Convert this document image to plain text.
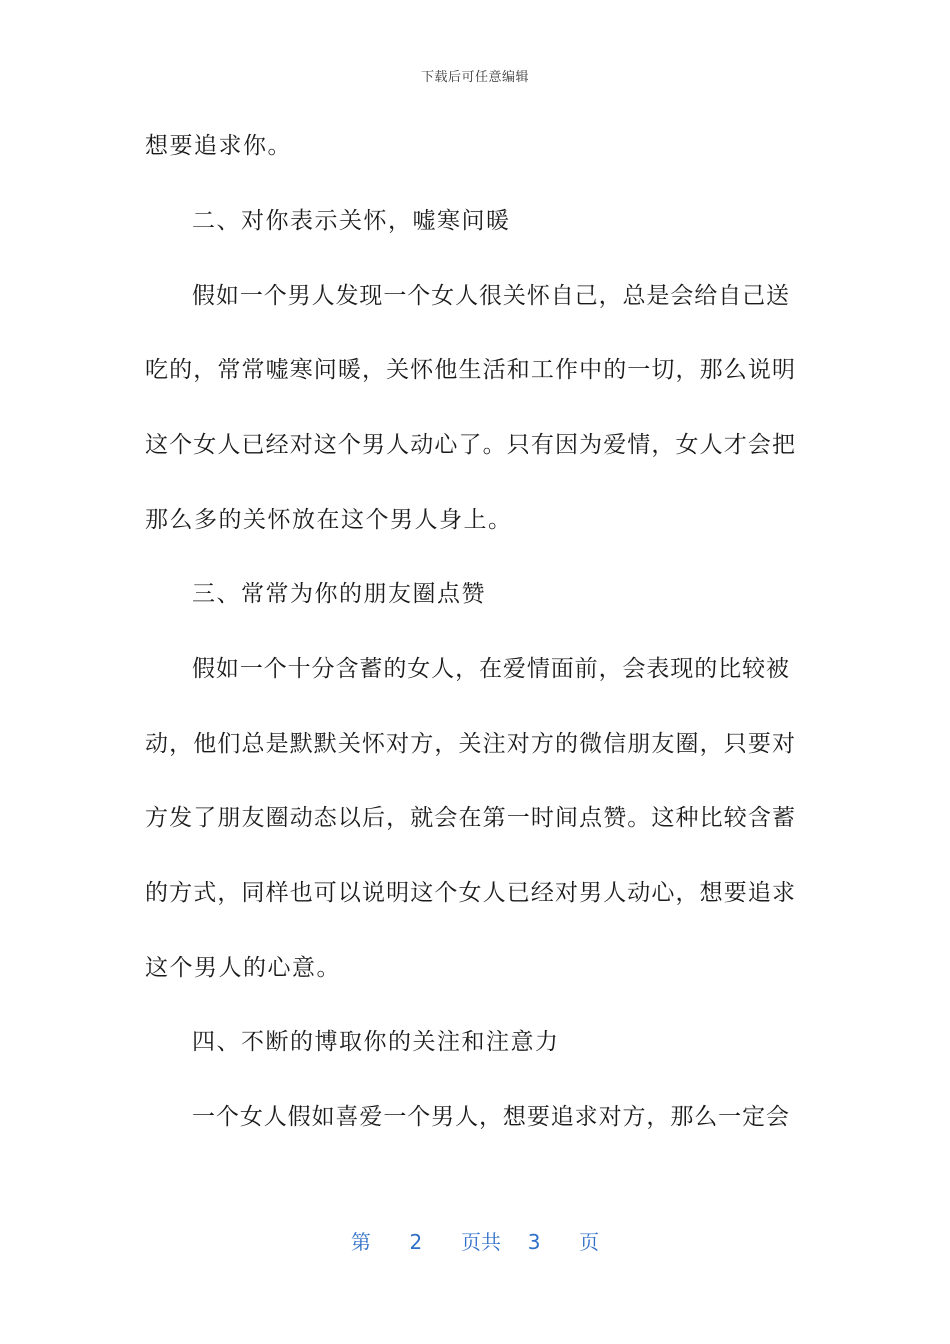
下载后可任意编辑
想要追求你。
二、对你表示关怀，嘘寒问暖
假如一个男人发现一个女人很关怀自己，总是会给自己送
吃的，常常嘘寒问暖，关怀他生活和工作中的一切，那么说明
这个女人已经对这个男人动心了。只有因为爱情，女人才会把
那么多的关怀放在这个男人身上。
三、常常为你的朋友圈点赞
假如一个十分含蓄的女人，在爱情面前，会表现的比较被
动，他们总是默默关怀对方，关注对方的微信朋友圈，只要对
方发了朋友圈动态以后，就会在第一时间点赞。这种比较含蓄
的方式，同样也可以说明这个女人已经对男人动心，想要追求
这个男人的心意。
四、不断的博取你的关注和注意力
一个女人假如喜爱一个男人，想要追求对方，那么一定会
第 2 页共 3 页
